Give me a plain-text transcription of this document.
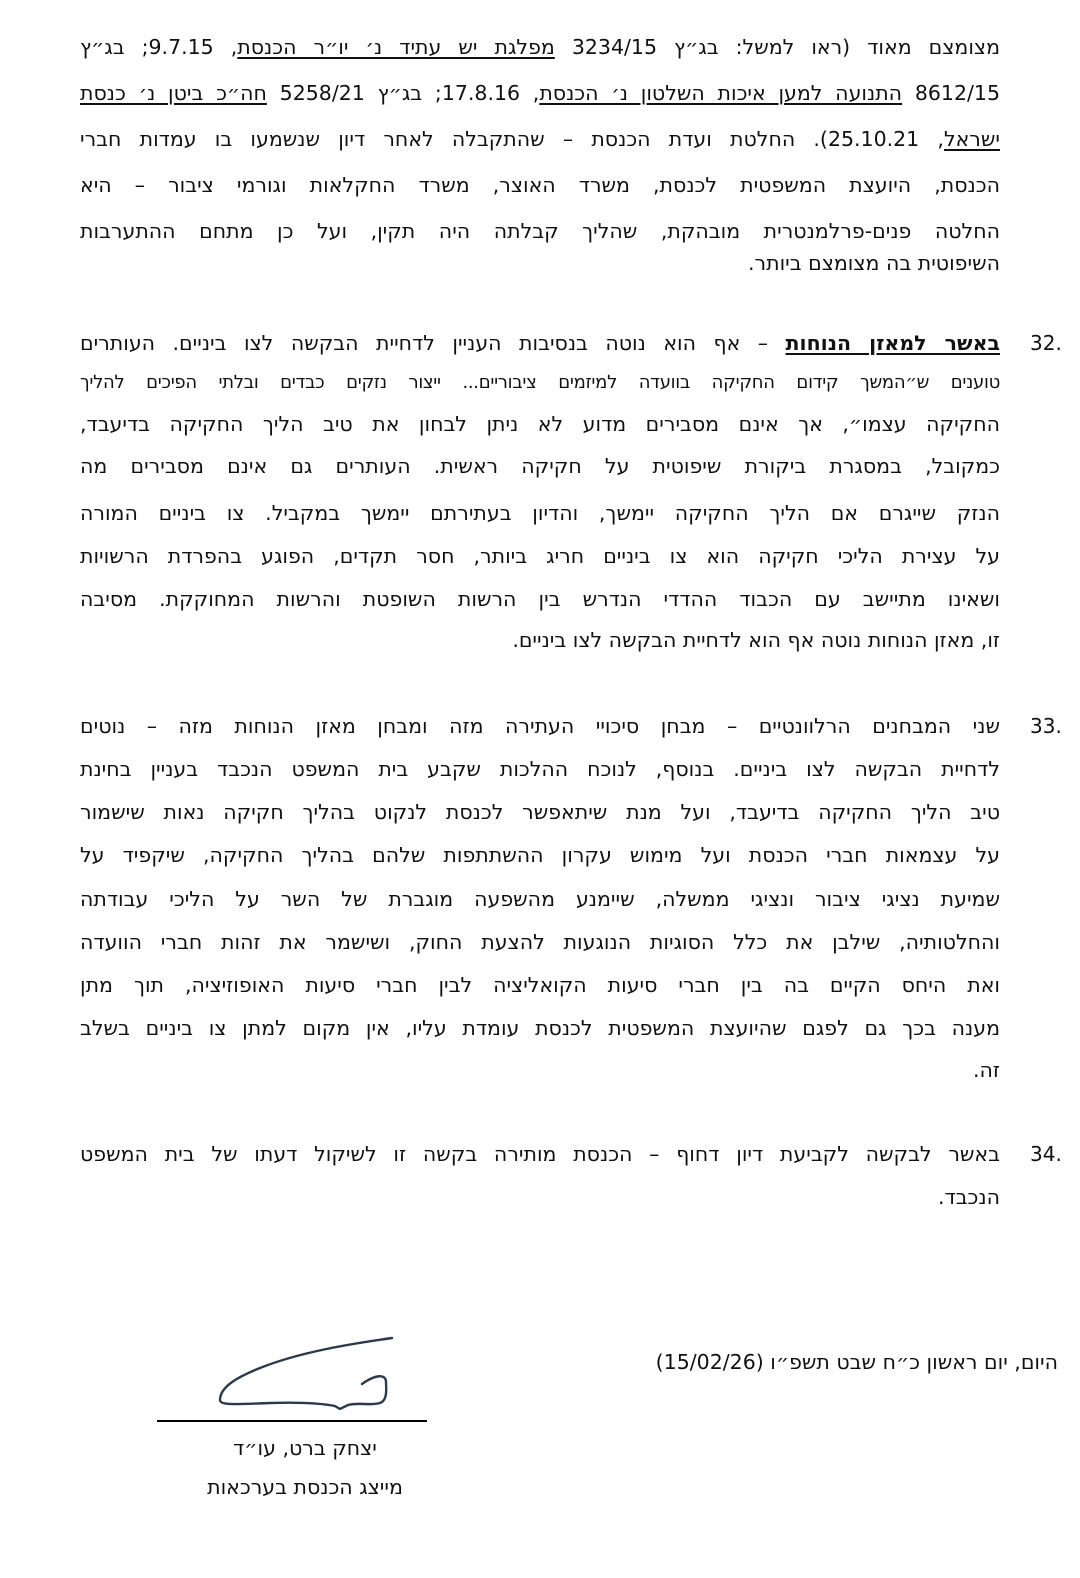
מצומצם מאוד (ראו למשל: בג״ץ 3234/15 מפלגת יש עתיד נ׳ יו״ר הכנסת, 9.7.15; בג״ץ
8612/15 התנועה למען איכות השלטון נ׳ הכנסת, 17.8.16; בג״ץ 5258/21 חה״כ ביטן נ׳ כנסת
ישראל, 25.10.21). החלטת ועדת הכנסת – שהתקבלה לאחר דיון שנשמעו בו עמדות חברי
הכנסת, היועצת המשפטית לכנסת, משרד האוצר, משרד החקלאות וגורמי ציבור – היא
החלטה פנים-פרלמנטרית מובהקת, שהליך קבלתה היה תקין, ועל כן מתחם ההתערבות
השיפוטית בה מצומצם ביותר.
32.
באשר למאזן הנוחות – אף הוא נוטה בנסיבות העניין לדחיית הבקשה לצו ביניים. העותרים
טוענים ש״המשך קידום החקיקה בוועדה למיזמים ציבוריים... ייצור נזקים כבדים ובלתי הפיכים להליך
החקיקה עצמו״, אך אינם מסבירים מדוע לא ניתן לבחון את טיב הליך החקיקה בדיעבד,
כמקובל, במסגרת ביקורת שיפוטית על חקיקה ראשית. העותרים גם אינם מסבירים מה
הנזק שייגרם אם הליך החקיקה יימשך, והדיון בעתירתם יימשך במקביל. צו ביניים המורה
על עצירת הליכי חקיקה הוא צו ביניים חריג ביותר, חסר תקדים, הפוגע בהפרדת הרשויות
ושאינו מתיישב עם הכבוד ההדדי הנדרש בין הרשות השופטת והרשות המחוקקת. מסיבה
זו, מאזן הנוחות נוטה אף הוא לדחיית הבקשה לצו ביניים.
33.
שני המבחנים הרלוונטיים – מבחן סיכויי העתירה מזה ומבחן מאזן הנוחות מזה – נוטים
לדחיית הבקשה לצו ביניים. בנוסף, לנוכח ההלכות שקבע בית המשפט הנכבד בעניין בחינת
טיב הליך החקיקה בדיעבד, ועל מנת שיתאפשר לכנסת לנקוט בהליך חקיקה נאות שישמור
על עצמאות חברי הכנסת ועל מימוש עקרון ההשתתפות שלהם בהליך החקיקה, שיקפיד על
שמיעת נציגי ציבור ונציגי ממשלה, שיימנע מהשפעה מוגברת של השר על הליכי עבודתה
והחלטותיה, שילבן את כלל הסוגיות הנוגעות להצעת החוק, ושישמר את זהות חברי הוועדה
ואת היחס הקיים בה בין חברי סיעות הקואליציה לבין חברי סיעות האופוזיציה, תוך מתן
מענה בכך גם לפגם שהיועצת המשפטית לכנסת עומדת עליו, אין מקום למתן צו ביניים בשלב
זה.
34.
באשר לבקשה לקביעת דיון דחוף – הכנסת מותירה בקשה זו לשיקול דעתו של בית המשפט
הנכבד.
היום, יום ראשון כ״ח שבט תשפ״ו (15/02/26)
יצחק ברט, עו״ד
מייצג הכנסת בערכאות
